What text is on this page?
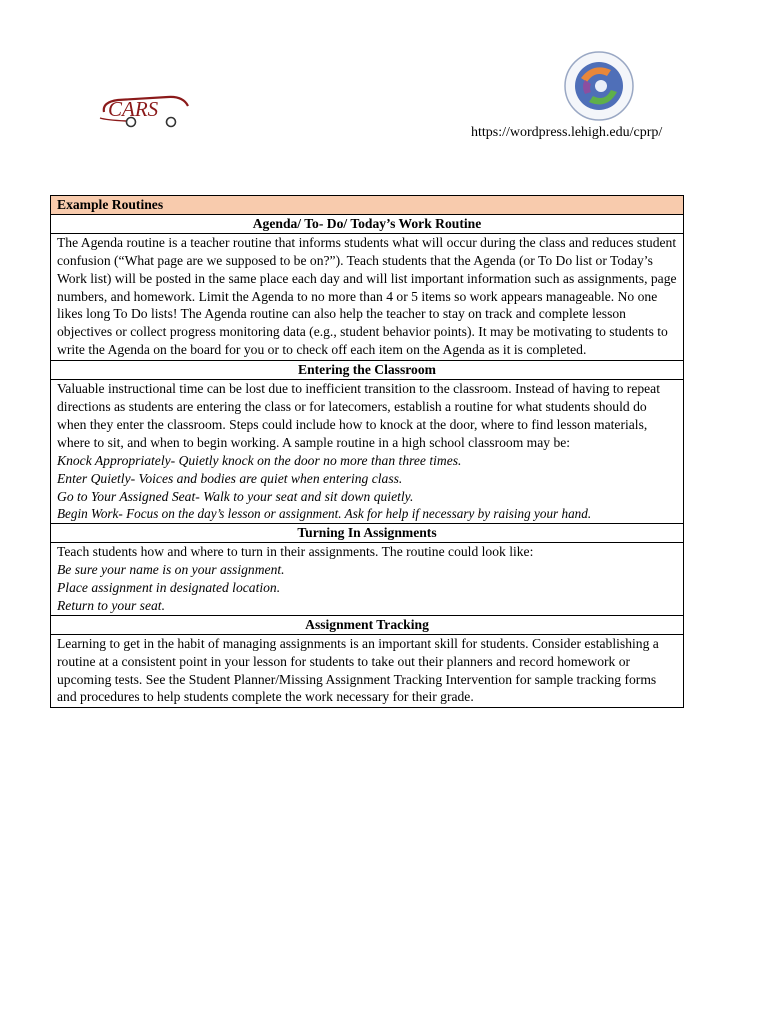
CARS
https://wordpress.lehigh.edu/cprp/
Example Routines
Agenda/ To- Do/ Today’s Work Routine

The Agenda routine is a teacher routine that informs students what will occur during the class and reduces student confusion (“What page are we supposed to be on?”). Teach students that the Agenda (or To Do list or Today’s Work list) will be posted in the same place each day and will list important information such as assignments, page numbers, and homework. Limit the Agenda to no more than 4 or 5 items so work appears manageable. No one likes long To Do lists! The Agenda routine can also help the teacher to stay on track and complete lesson objectives or collect progress monitoring data (e.g., student behavior points). It may be motivating to students to write the Agenda on the board for you or to check off each item on the Agenda as it is completed.

Entering the Classroom

Valuable instructional time can be lost due to inefficient transition to the classroom. Instead of having to repeat directions as students are entering the class or for latecomers, establish a routine for what students should do when they enter the classroom. Steps could include how to knock at the door, where to find lesson materials, where to sit, and when to begin working. A sample routine in a high school classroom may be:

Knock Appropriately- Quietly knock on the door no more than three times.
Enter Quietly- Voices and bodies are quiet when entering class.
Go to Your Assigned Seat- Walk to your seat and sit down quietly.
Begin Work- Focus on the day’s lesson or assignment. Ask for help if necessary by raising your hand.

Turning In Assignments

Teach students how and where to turn in their assignments. The routine could look like:

Be sure your name is on your assignment.
Place assignment in designated location.
Return to your seat.

Assignment Tracking

Learning to get in the habit of managing assignments is an important skill for students. Consider establishing a routine at a consistent point in your lesson for students to take out their planners and record homework or upcoming tests. See the Student Planner/Missing Assignment Tracking Intervention for sample tracking forms and procedures to help students complete the work necessary for their grade.
